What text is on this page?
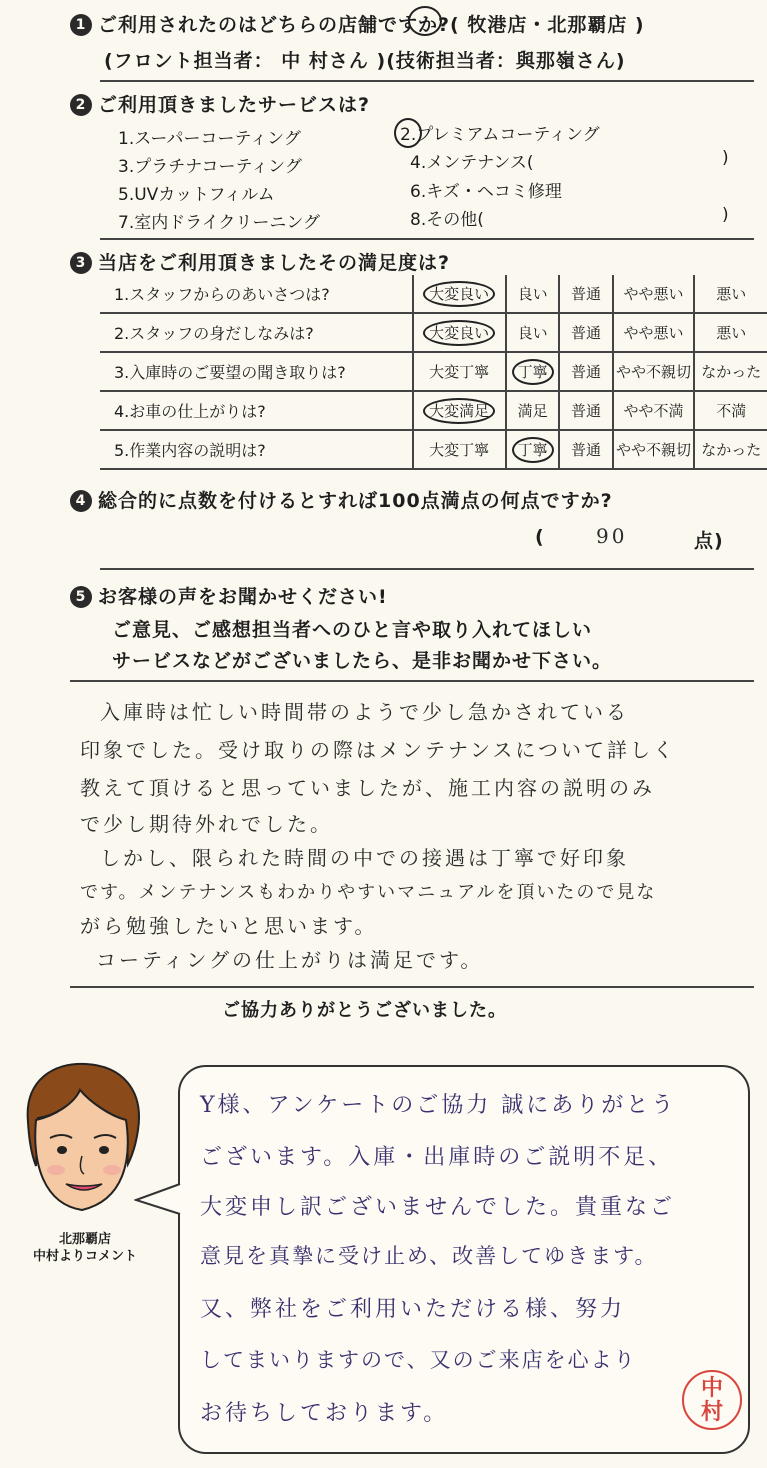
1 ご利用されたのはどちらの店舗ですか?( 牧港店・北那覇店 )
(フロント担当者： 中 村さん )(技術担当者：與那嶺さん)
2 ご利用頂きましたサービスは?
1.スーパーコーティング	2.プレミアムコーティング
3.プラチナコーティング	4.メンテナンス(	)
5.UVカットフィルム	6.キズ・ヘコミ修理
7.室内ドライクリーニング	8.その他(	)
3 当店をご利用頂きましたその満足度は?
1.スタッフからのあいさつは?	大変良い	良い	普通	やや悪い	悪い
2.スタッフの身だしなみは?	大変良い	良い	普通	やや悪い	悪い
3.入庫時のご要望の聞き取りは?	大変丁寧	丁寧	普通	やや不親切	なかった
4.お車の仕上がりは?	大変満足	満足	普通	やや不満	不満
5.作業内容の説明は?	大変丁寧	丁寧	普通	やや不親切	なかった
4 総合的に点数を付けるとすれば100点満点の何点ですか?
(	90	点)
5 お客様の声をお聞かせください!
ご意見、ご感想担当者へのひと言や取り入れてほしい
サービスなどがございましたら、是非お聞かせ下さい。
入庫時は忙しい時間帯のようで少し急かされている
印象でした。受け取りの際はメンテナンスについて詳しく
教えて頂けると思っていましたが、施工内容の説明のみ
で少し期待外れでした。
しかし、限られた時間の中での接遇は丁寧で好印象
です。メンテナンスもわかりやすいマニュアルを頂いたので見な
がら勉強したいと思います。
コーティングの仕上がりは満足です。
ご協力ありがとうございました。
北那覇店
中村よりコメント
Y様、アンケートのご協力 誠にありがとう
ございます。入庫・出庫時のご説明不足、
大変申し訳ございませんでした。貴重なご
意見を真摯に受け止め、改善してゆきます。
又、弊社をご利用いただける様、努力
してまいりますので、又のご来店を心より
お待ちしております。
中
村
